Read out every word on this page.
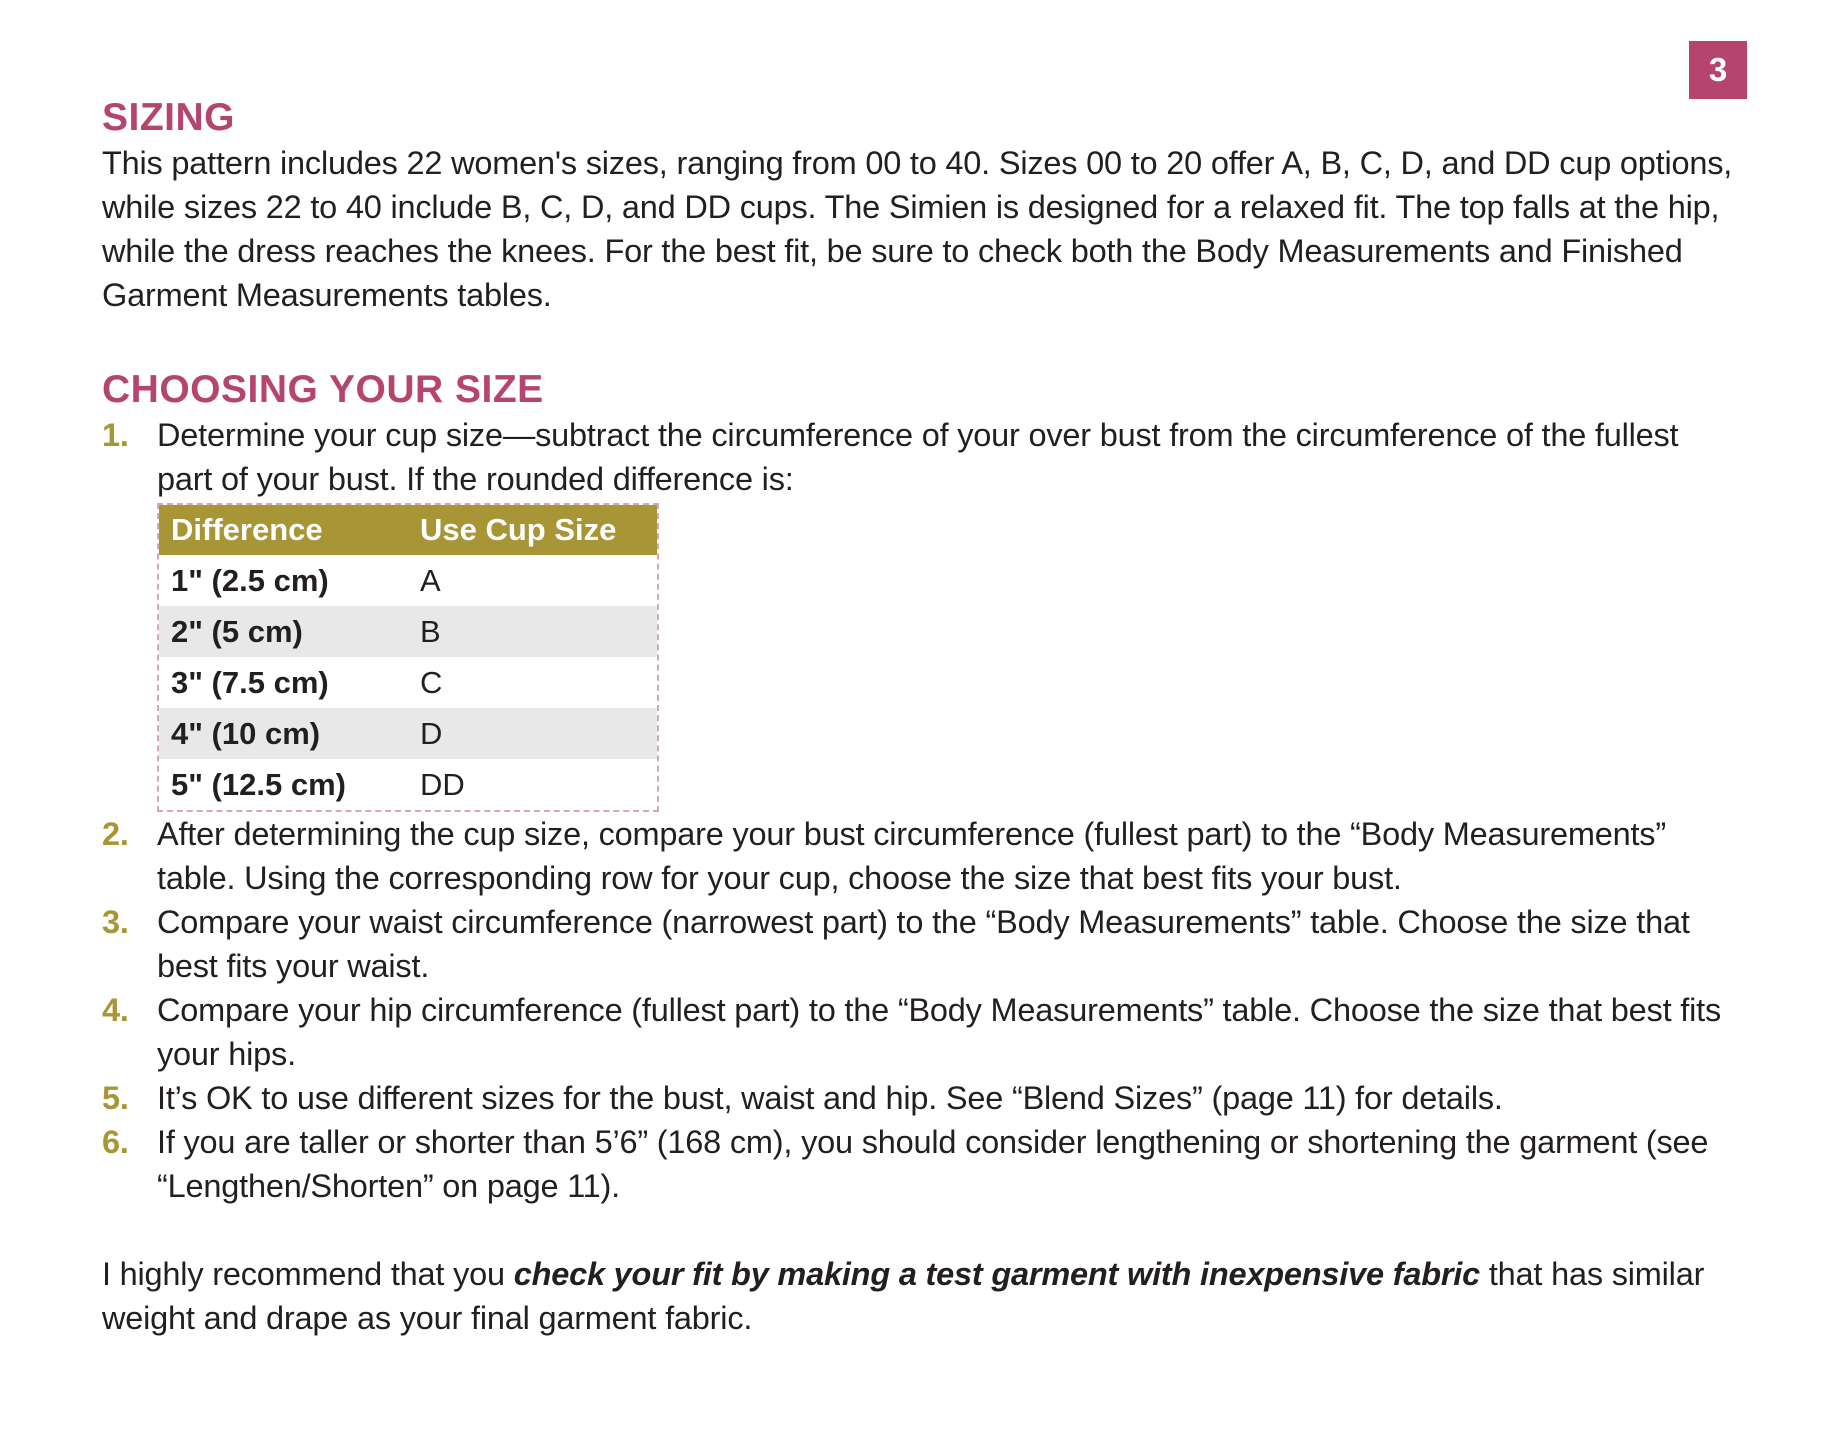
3
SIZING

This pattern includes 22 women's sizes, ranging from 00 to 40. Sizes 00 to 20 offer A, B, C, D, and DD cup options, while sizes 22 to 40 include B, C, D, and DD cups. The Simien is designed for a relaxed fit. The top falls at the hip, while the dress reaches the knees. For the best fit, be sure to check both the Body Measurements and Finished Garment Measurements tables.

CHOOSING YOUR SIZE
1. Determine your cup size—subtract the circumference of your over bust from the circumference of the fullest part of your bust. If the rounded difference is:
Difference	Use Cup Size
1" (2.5 cm)	A
2" (5 cm)	B
3" (7.5 cm)	C
4" (10 cm)	D
5" (12.5 cm)	DD
2. After determining the cup size, compare your bust circumference (fullest part) to the “Body Measurements” table. Using the corresponding row for your cup, choose the size that best fits your bust.
3. Compare your waist circumference (narrowest part) to the “Body Measurements” table. Choose the size that best fits your waist.
4. Compare your hip circumference (fullest part) to the “Body Measurements” table. Choose the size that best fits your hips.
5. It’s OK to use different sizes for the bust, waist and hip. See “Blend Sizes” (page 11) for details.
6. If you are taller or shorter than 5’6” (168 cm), you should consider lengthening or shortening the garment (see “Lengthen/Shorten” on page 11).

I highly recommend that you check your fit by making a test garment with inexpensive fabric that has similar weight and drape as your final garment fabric.
